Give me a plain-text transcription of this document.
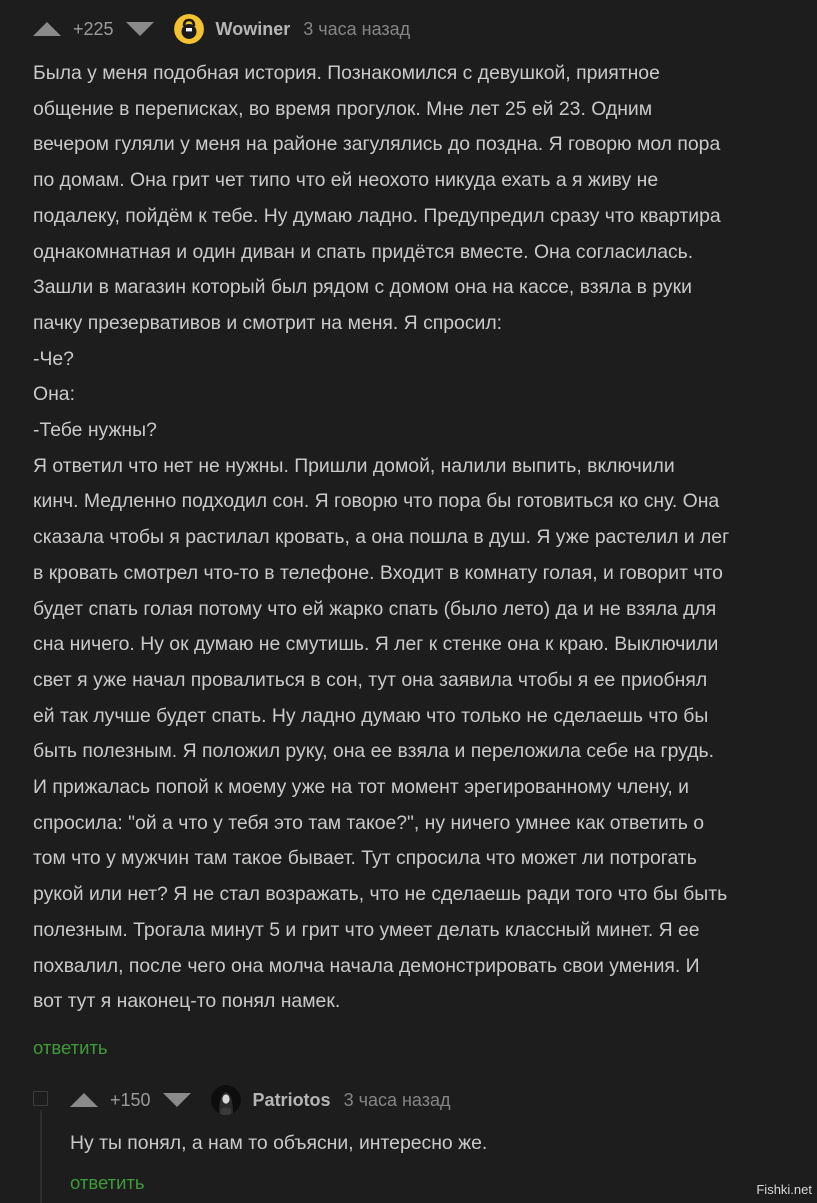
+225	Wowiner 3 часа назад

Была у меня подобная история. Познакомился с девушкой, приятное
общение в переписках, во время прогулок. Мне лет 25 ей 23. Одним
вечером гуляли у меня на районе загулялись до поздна. Я говорю мол пора
по домам. Она грит чет типо что ей неохото никуда ехать а я живу не
подалеку, пойдём к тебе. Ну думаю ладно. Предупредил сразу что квартира
однакомнатная и один диван и спать придётся вместе. Она согласилась.
Зашли в магазин который был рядом с домом она на кассе, взяла в руки
пачку презервативов и смотрит на меня. Я спросил:
-Че?
Она:
-Тебе нужны?
Я ответил что нет не нужны. Пришли домой, налили выпить, включили
кинч. Медленно подходил сон. Я говорю что пора бы готовиться ко сну. Она
сказала чтобы я растилал кровать, а она пошла в душ. Я уже растелил и лег
в кровать смотрел что-то в телефоне. Входит в комнату голая, и говорит что
будет спать голая потому что ей жарко спать (было лето) да и не взяла для
сна ничего. Ну ок думаю не смутишь. Я лег к стенке она к краю. Выключили
свет я уже начал провалиться в сон, тут она заявила чтобы я ее приобнял
ей так лучше будет спать. Ну ладно думаю что только не сделаешь что бы
быть полезным. Я положил руку, она ее взяла и переложила себе на грудь.
И прижалась попой к моему уже на тот момент эрегированному члену, и
спросила: "ой а что у тебя это там такое?", ну ничего умнее как ответить о
том что у мужчин там такое бывает. Тут спросила что может ли потрогать
рукой или нет? Я не стал возражать, что не сделаешь ради того что бы быть
полезным. Трогала минут 5 и грит что умеет делать классный минет. Я ее
похвалил, после чего она молча начала демонстрировать свои умения. И
вот тут я наконец-то понял намек.

ответить
+150	Patriotos 3 часа назад
Ну ты понял, а нам то объясни, интересно же.
ответить	Fishki.net
